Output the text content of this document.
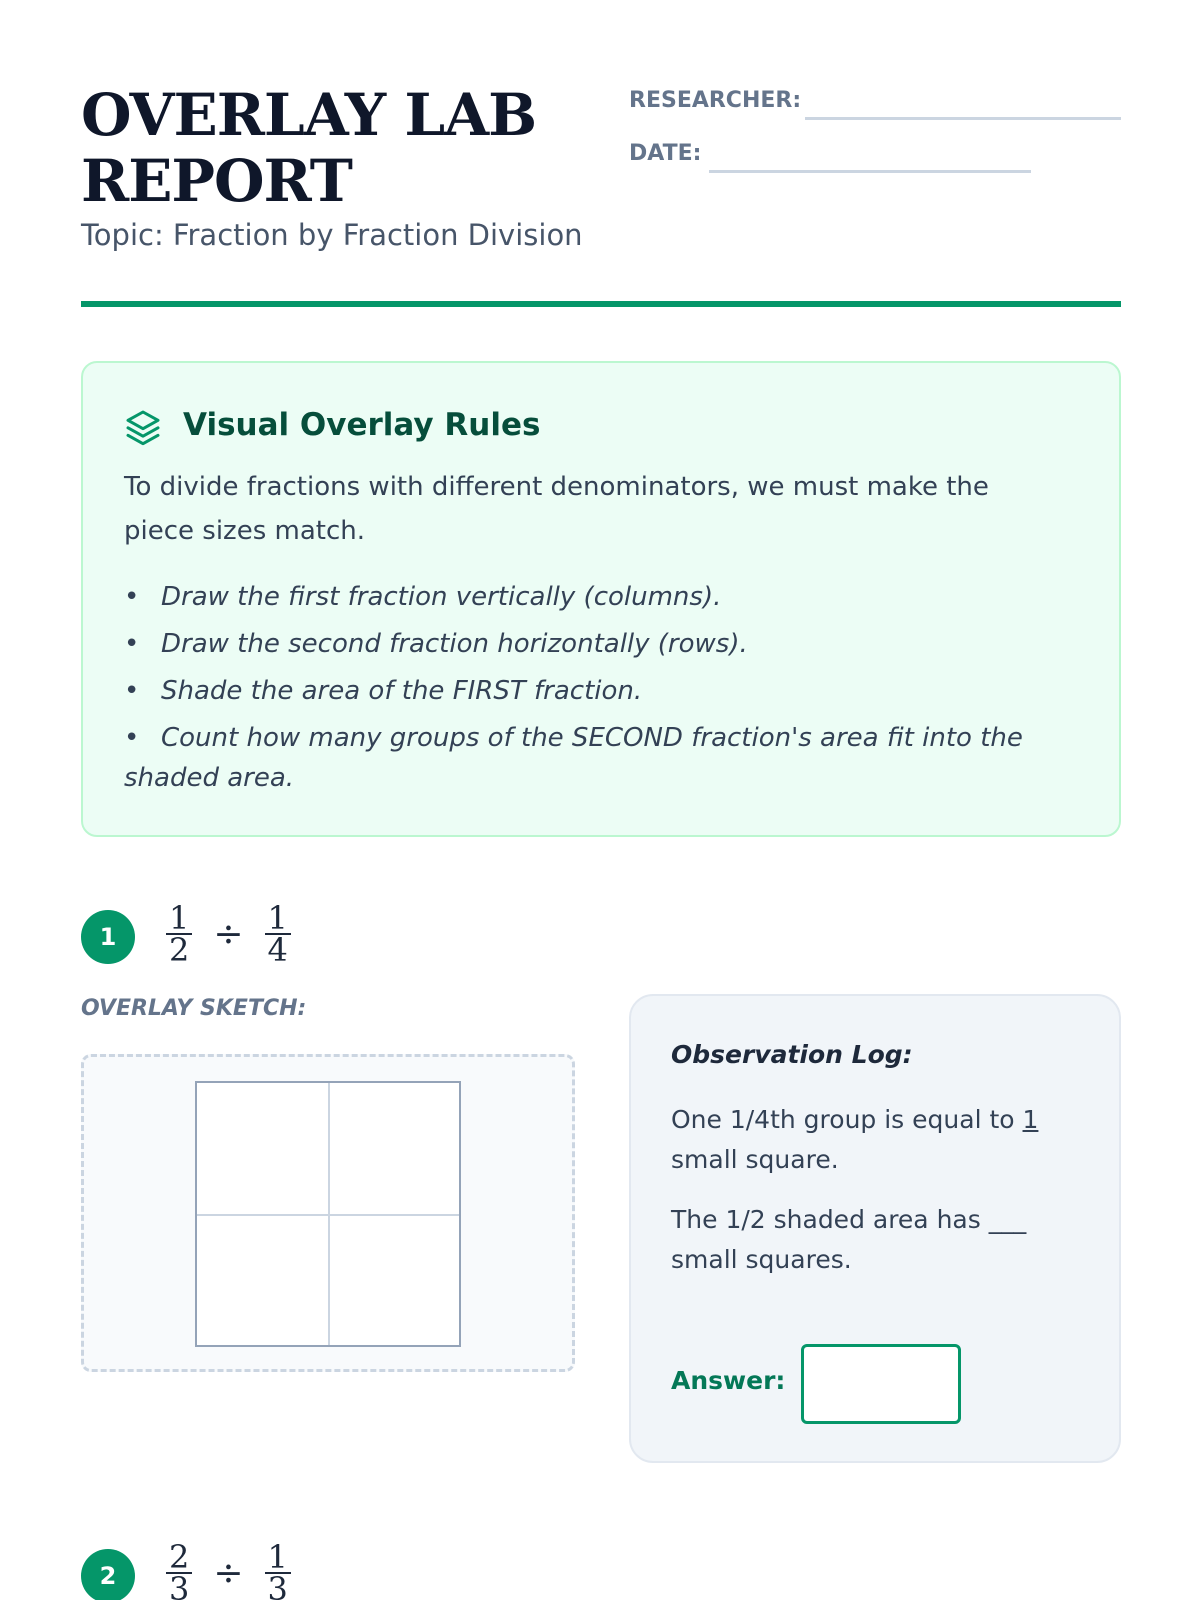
OVERLAY LAB
REPORT
Topic: Fraction by Fraction Division
RESEARCHER:
DATE:
Visual Overlay Rules
To divide fractions with different denominators, we must make the piece sizes match.
• Draw the first fraction vertically (columns).
• Draw the second fraction horizontally (rows).
• Shade the area of the FIRST fraction.
• Count how many groups of the SECOND fraction's area fit into the shaded area.
1	$\frac{1}{2} \div \frac{1}{4}$
OVERLAY SKETCH:
Observation Log:
One 1/4th group is equal to 1 small square.
The 1/2 shaded area has ___ small squares.
Answer:
2	$\frac{2}{3} \div \frac{1}{3}$
